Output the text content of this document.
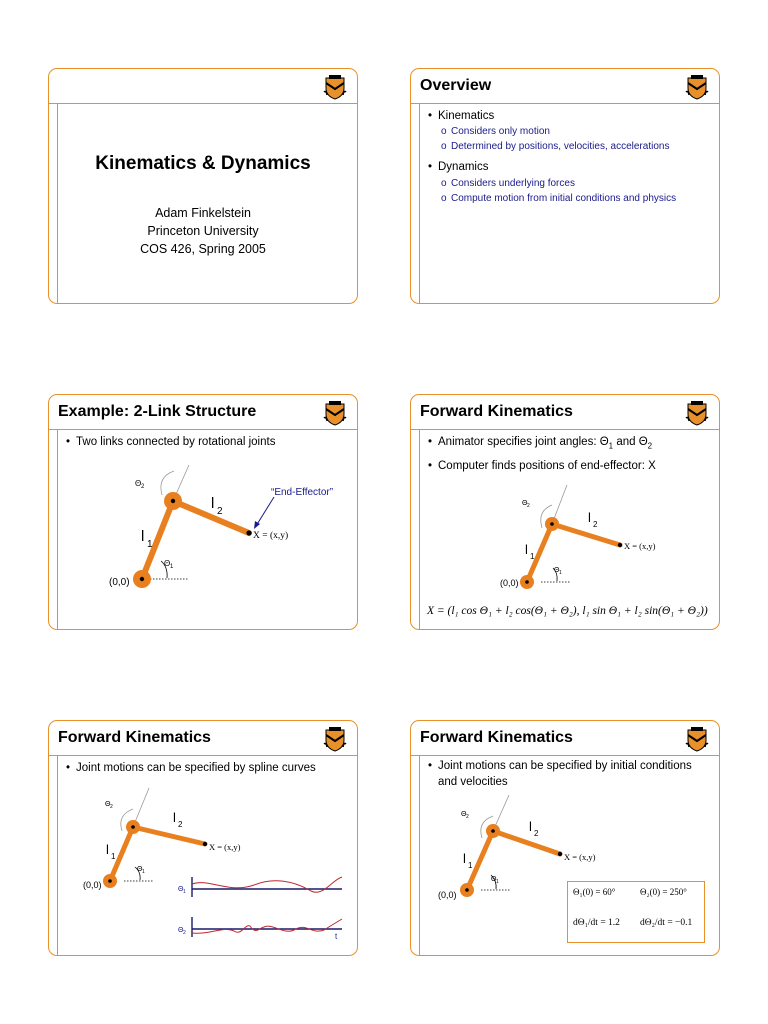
Kinematics & Dynamics
Adam Finkelstein
Princeton University
COS 426, Spring 2005
Overview
• Kinematics
o Considers only motion
o Determined by positions, velocities, accelerations
• Dynamics
o Considers underlying forces
o Compute motion from initial conditions and physics
Example: 2-Link Structure
• Two links connected by rotational joints
“End-Effector”
X = (x,y)
(0,0)
l 1
l 2
Θ 1
Θ 2
Forward Kinematics
• Animator specifies joint angles: $\Theta_1$ and $\Theta_2$
• Computer finds positions of end-effector: X
X = (x,y)
(0,0)
l 1
l 2
Θ 1
Θ 2
X = (l₁ cos Θ₁ + l₂ cos(Θ₁ + Θ₂), l₁ sin Θ₁ + l₂ sin(Θ₁ + Θ₂))
Forward Kinematics
• Joint motions can be specified by spline curves
X = (x,y)
(0,0)
l 1
l 2
Θ 1
Θ 2
Θ 1
Θ 2	t
Forward Kinematics
• Joint motions can be specified by initial conditions
and velocities
X = (x,y)
(0,0)
l 1
l 2
Θ 1
Θ 2
Θ₁(0) = 60°	Θ₂(0) = 250°
dΘ₁/dt = 1.2 dΘ₂/dt = −0.1
